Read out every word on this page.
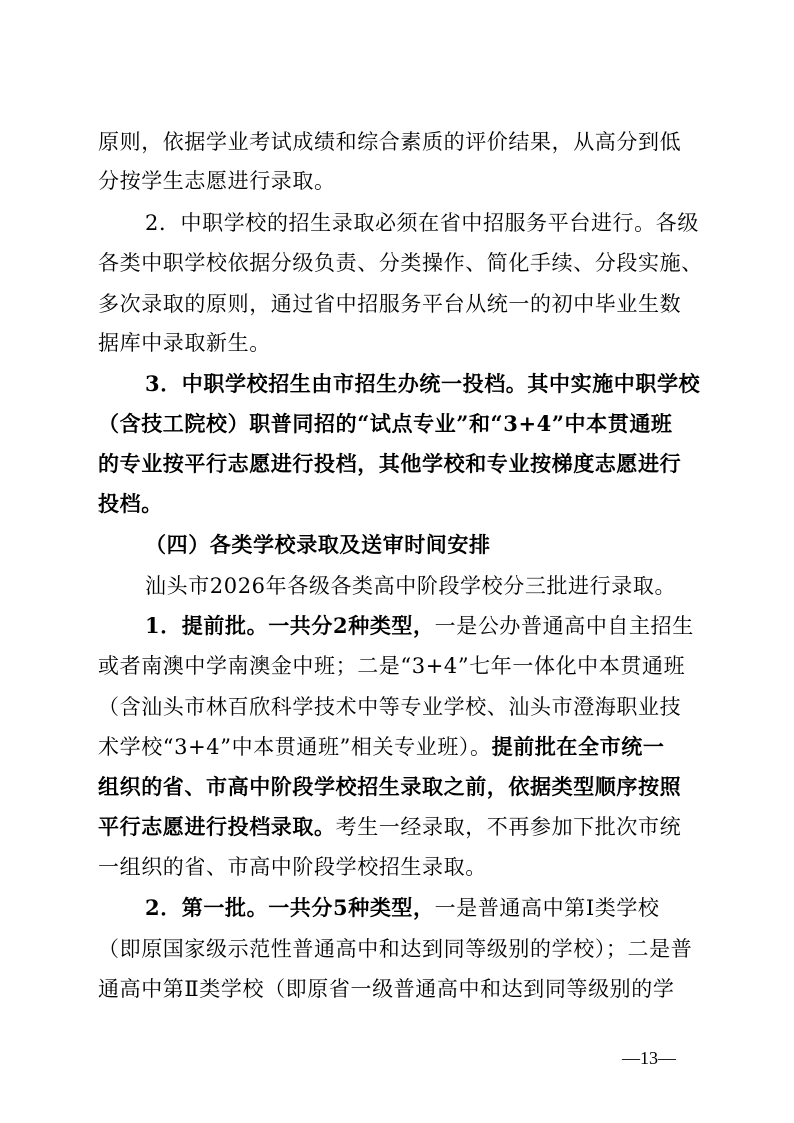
原则，依据学业考试成绩和综合素质的评价结果，从高分到低
分按学生志愿进行录取。
2．中职学校的招生录取必须在省中招服务平台进行。各级
各类中职学校依据分级负责、分类操作、简化手续、分段实施、
多次录取的原则，通过省中招服务平台从统一的初中毕业生数
据库中录取新生。
3．中职学校招生由市招生办统一投档。其中实施中职学校
（含技工院校）职普同招的“试点专业”和“3+4”中本贯通班
的专业按平行志愿进行投档，其他学校和专业按梯度志愿进行
投档。
（四）各类学校录取及送审时间安排
汕头市2026年各级各类高中阶段学校分三批进行录取。
1．提前批。一共分2种类型，一是公办普通高中自主招生
或者南澳中学南澳金中班；二是“3+4”七年一体化中本贯通班
（含汕头市林百欣科学技术中等专业学校、汕头市澄海职业技
术学校“3+4”中本贯通班”相关专业班）。提前批在全市统一
组织的省、市高中阶段学校招生录取之前，依据类型顺序按照
平行志愿进行投档录取。考生一经录取，不再参加下批次市统
一组织的省、市高中阶段学校招生录取。
2．第一批。一共分5种类型，一是普通高中第Ⅰ类学校
（即原国家级示范性普通高中和达到同等级别的学校）；二是普
通高中第Ⅱ类学校（即原省一级普通高中和达到同等级别的学
—13—
